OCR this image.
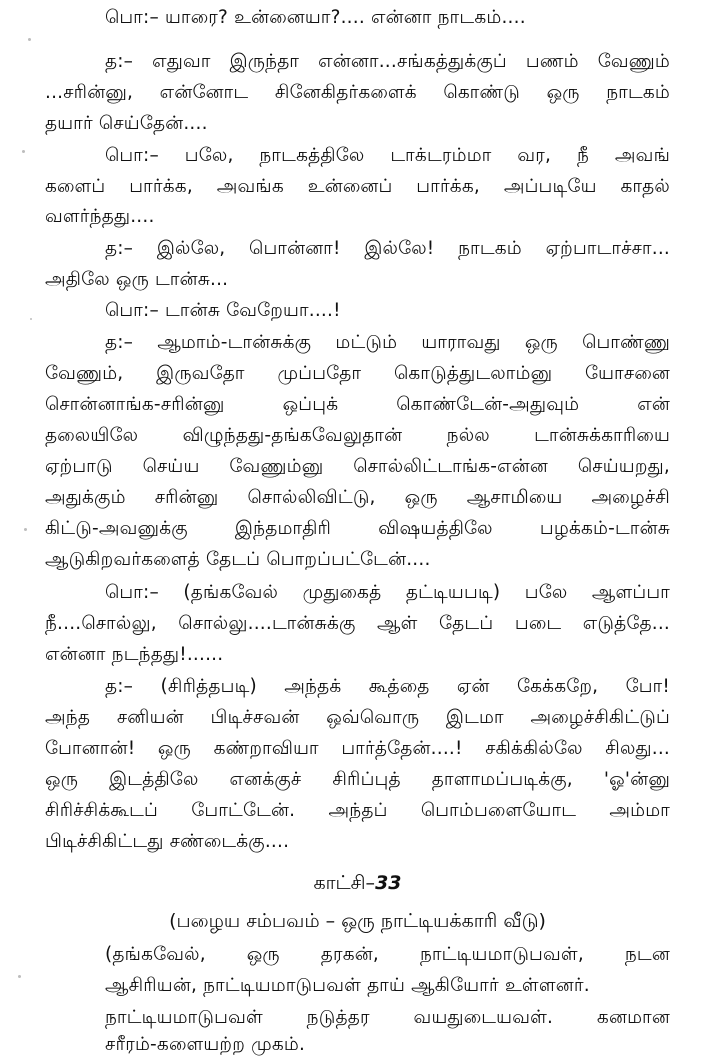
பொ:– யாரை? உன்னையா?.... என்னா நாடகம்....
த:– எதுவா இருந்தா என்னா...சங்கத்துக்குப் பணம் வேணும்
...சரின்னு, என்னோட சினேகிதர்களைக் கொண்டு ஒரு நாடகம்
தயார் செய்தேன்....
பொ:– பலே, நாடகத்திலே டாக்டரம்மா வர, நீ அவங்
களைப் பார்க்க, அவங்க உன்னைப் பார்க்க, அப்படியே காதல்
வளர்ந்தது....
த:– இல்லே, பொன்னா! இல்லே! நாடகம் ஏற்பாடாச்சா...
அதிலே ஒரு டான்சு...
பொ:– டான்சு வேறேயா....!
த:– ஆமாம்-டான்சுக்கு மட்டும் யாராவது ஒரு பொண்ணு
வேணும், இருவதோ முப்பதோ கொடுத்துடலாம்னு யோசனை
சொன்னாங்க-சரின்னு ஒப்புக் கொண்டேன்-அதுவும் என்
தலையிலே விழுந்தது-தங்கவேலுதான் நல்ல டான்சுக்காரியை
ஏற்பாடு செய்ய வேணும்னு சொல்லிட்டாங்க-என்ன செய்யறது,
அதுக்கும் சரின்னு சொல்லிவிட்டு, ஒரு ஆசாமியை அழைச்சி
கிட்டு-அவனுக்கு இந்தமாதிரி விஷயத்திலே பழக்கம்-டான்சு
ஆடுகிறவர்களைத் தேடப் பொறப்பட்டேன்....
பொ:– (தங்கவேல் முதுகைத் தட்டியபடி) பலே ஆளப்பா
நீ....சொல்லு, சொல்லு....டான்சுக்கு ஆள் தேடப் படை எடுத்தே...
என்னா நடந்தது!......
த:– (சிரித்தபடி) அந்தக் கூத்தை ஏன் கேக்கறே, போ!
அந்த சனியன் பிடிச்சவன் ஒவ்வொரு இடமா அழைச்சிகிட்டுப்
போனான்! ஒரு கண்றாவியா பார்த்தேன்....! சகிக்கில்லே சிலது...
ஒரு இடத்திலே எனக்குச் சிரிப்புத் தாளாமப்படிக்கு, 'ஓ'ன்னு
சிரிச்சிக்கூடப் போட்டேன். அந்தப் பொம்பளையோட அம்மா
பிடிச்சிகிட்டது சண்டைக்கு....
காட்சி–33
(பழைய சம்பவம் – ஒரு நாட்டியக்காரி வீடு)
(தங்கவேல், ஒரு தரகன், நாட்டியமாடுபவள், நடன
ஆசிரியன், நாட்டியமாடுபவள் தாய் ஆகியோர் உள்ளனர்.
நாட்டியமாடுபவள் நடுத்தர வயதுடையவள். கனமான
சரீரம்-களையற்ற முகம்.
